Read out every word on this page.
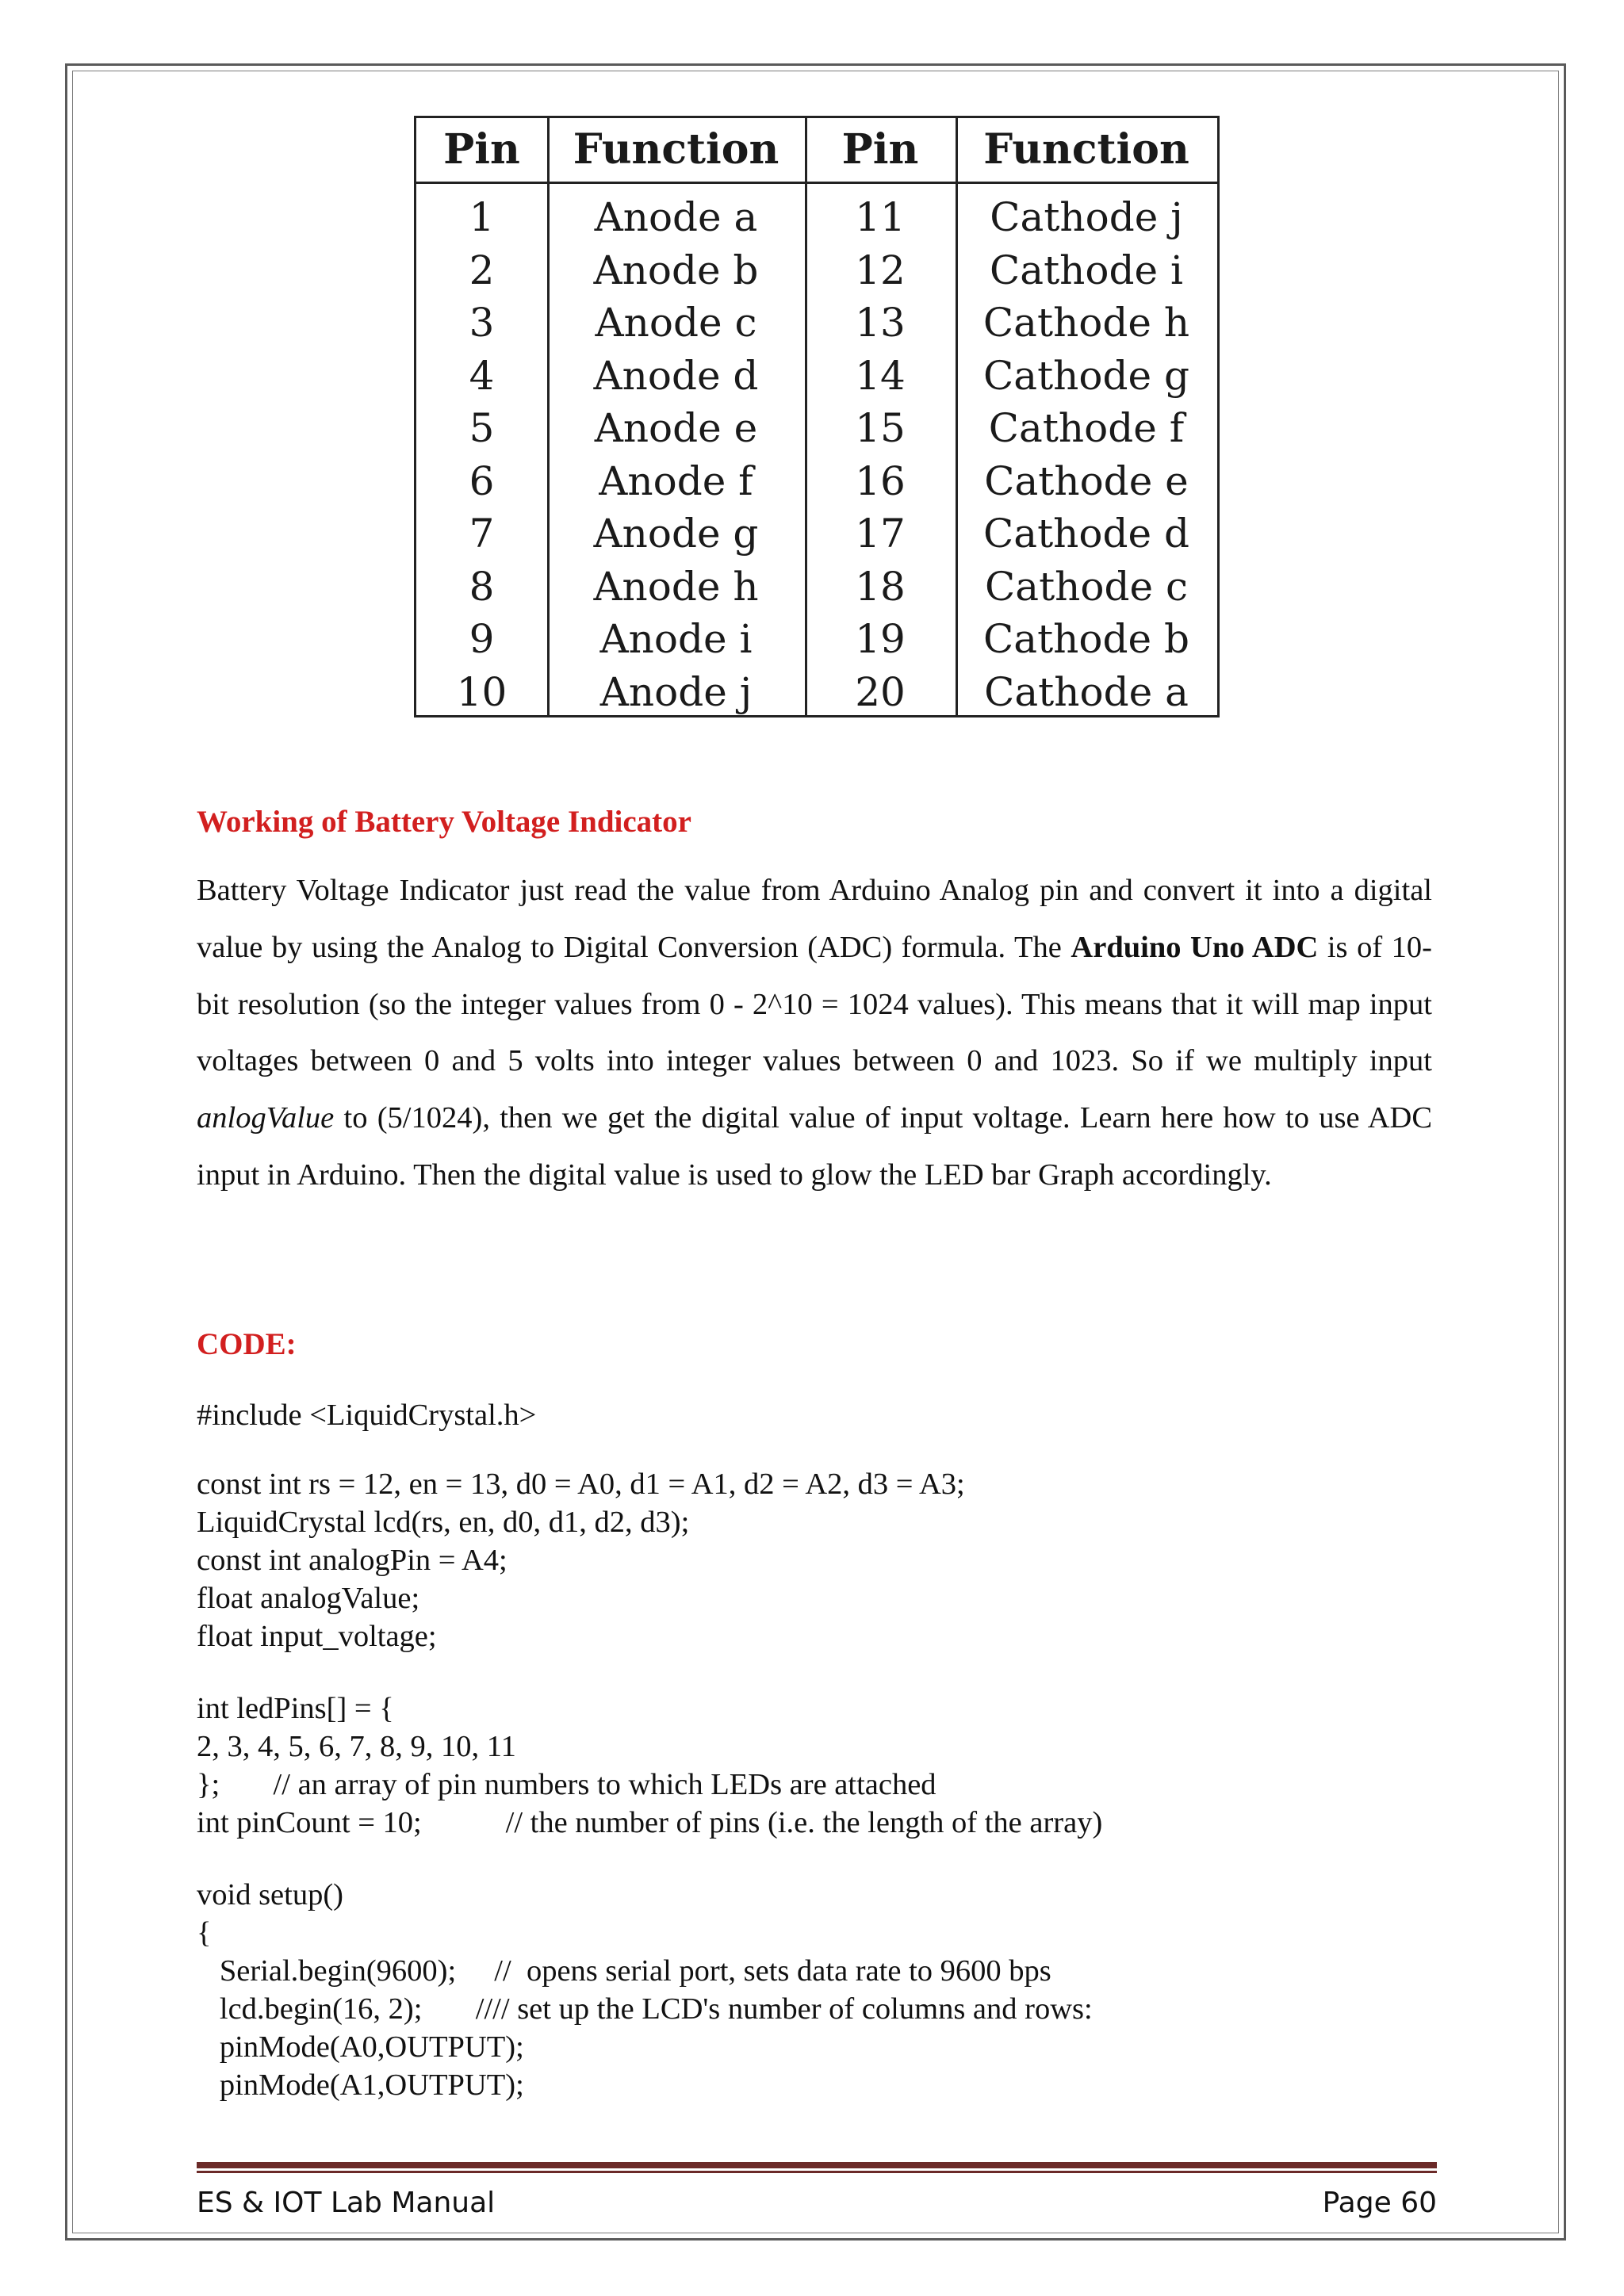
Pin	Function	Pin	Function
1	Anode a	11	Cathode j
2	Anode b	12	Cathode i
3	Anode c	13	Cathode h
4	Anode d	14	Cathode g
5	Anode e	15	Cathode f
6	Anode f	16	Cathode e
7	Anode g	17	Cathode d
8	Anode h	18	Cathode c
9	Anode i	19	Cathode b
10	Anode j	20	Cathode a
Working of Battery Voltage Indicator
Battery Voltage Indicator just read the value from Arduino Analog pin and convert it into a digital value by using the Analog to Digital Conversion (ADC) formula. The Arduino Uno ADC is of 10-bit resolution (so the integer values from 0 - 2^10 = 1024 values). This means that it will map input voltages between 0 and 5 volts into integer values between 0 and 1023. So if we multiply input anlogValue to (5/1024), then we get the digital value of input voltage. Learn here how to use ADC input in Arduino. Then the digital value is used to glow the LED bar Graph accordingly.
CODE:
#include <LiquidCrystal.h>
const int rs = 12, en = 13, d0 = A0, d1 = A1, d2 = A2, d3 = A3;
LiquidCrystal lcd(rs, en, d0, d1, d2, d3);
const int analogPin = A4;
float analogValue;
float input_voltage;
int ledPins[] = {
2, 3, 4, 5, 6, 7, 8, 9, 10, 11
};       // an array of pin numbers to which LEDs are attached
int pinCount = 10;           // the number of pins (i.e. the length of the array)
void setup()
{
Serial.begin(9600);     //  opens serial port, sets data rate to 9600 bps
lcd.begin(16, 2);       //// set up the LCD's number of columns and rows:
pinMode(A0,OUTPUT);
pinMode(A1,OUTPUT);
ES & IOT Lab Manual	Page 60
